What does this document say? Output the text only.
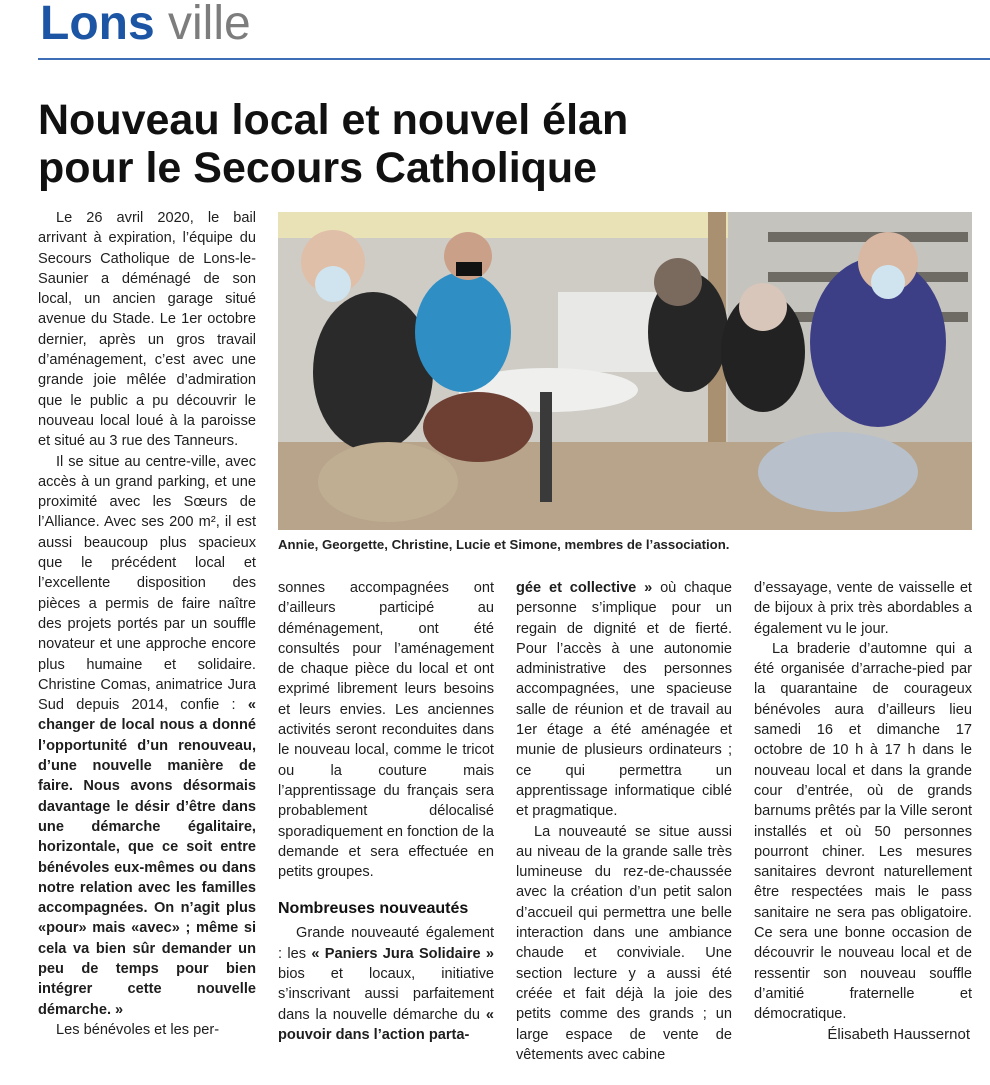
Lons ville
Nouveau local et nouvel élan
pour le Secours Catholique

Le 26 avril 2020, le bail arrivant à expiration, l’équipe du Secours Catholique de Lons-le-Saunier a déménagé de son local, un ancien garage situé avenue du Stade. Le 1er octobre dernier, après un gros travail d’aménagement, c’est avec une grande joie mêlée d’admiration que le public a pu découvrir le nouveau local loué à la paroisse et situé au 3 rue des Tanneurs.

Il se situe au centre-ville, avec accès à un grand parking, et une proximité avec les Sœurs de l’Alliance. Avec ses 200 m², il est aussi beaucoup plus spacieux que le précédent local et l’excellente disposition des pièces a permis de faire naître des projets portés par un souffle novateur et une approche encore plus humaine et solidaire. Christine Comas, animatrice Jura Sud depuis 2014, confie : « changer de local nous a donné l’opportunité d’un renouveau, d’une nouvelle manière de faire. Nous avons désormais davantage le désir d’être dans une démarche égalitaire, horizontale, que ce soit entre bénévoles eux-mêmes ou dans notre relation avec les familles accompagnées. On n’agit plus «pour» mais «avec» ; même si cela va bien sûr demander un peu de temps pour bien intégrer cette nouvelle démarche. »

Les bénévoles et les per-

Annie, Georgette, Christine, Lucie et Simone, membres de l’association.

sonnes accompagnées ont d’ailleurs participé au déménagement, ont été consultés pour l’aménagement de chaque pièce du local et ont exprimé librement leurs besoins et leurs envies. Les anciennes activités seront reconduites dans le nouveau local, comme le tricot ou la couture mais l’apprentissage du français sera probablement délocalisé sporadiquement en fonction de la demande et sera effectuée en petits groupes.

Nombreuses nouveautés

Grande nouveauté également : les « Paniers Jura Solidaire » bios et locaux, initiative s’inscrivant aussi parfaitement dans la nouvelle démarche du « pouvoir dans l’action parta-

gée et collective » où chaque personne s’implique pour un regain de dignité et de fierté. Pour l’accès à une autonomie administrative des personnes accompagnées, une spacieuse salle de réunion et de travail au 1er étage a été aménagée et munie de plusieurs ordinateurs ; ce qui permettra un apprentissage informatique ciblé et pragmatique.

La nouveauté se situe aussi au niveau de la grande salle très lumineuse du rez-de-chaussée avec la création d’un petit salon d’accueil qui permettra une belle interaction dans une ambiance chaude et conviviale. Une section lecture y a aussi été créée et fait déjà la joie des petits comme des grands ; un large espace de vente de vêtements avec cabine

d’essayage, vente de vaisselle et de bijoux à prix très abordables a également vu le jour.

La braderie d’automne qui a été organisée d’arrache-pied par la quarantaine de courageux bénévoles aura d’ailleurs lieu samedi 16 et dimanche 17 octobre de 10 h à 17 h dans le nouveau local et dans la grande cour d’entrée, où de grands barnums prêtés par la Ville seront installés et où 50 personnes pourront chiner. Les mesures sanitaires devront naturellement être respectées mais le pass sanitaire ne sera pas obligatoire. Ce sera une bonne occasion de découvrir le nouveau local et de ressentir son nouveau souffle d’amitié fraternelle et démocratique.

Élisabeth Haussernot
